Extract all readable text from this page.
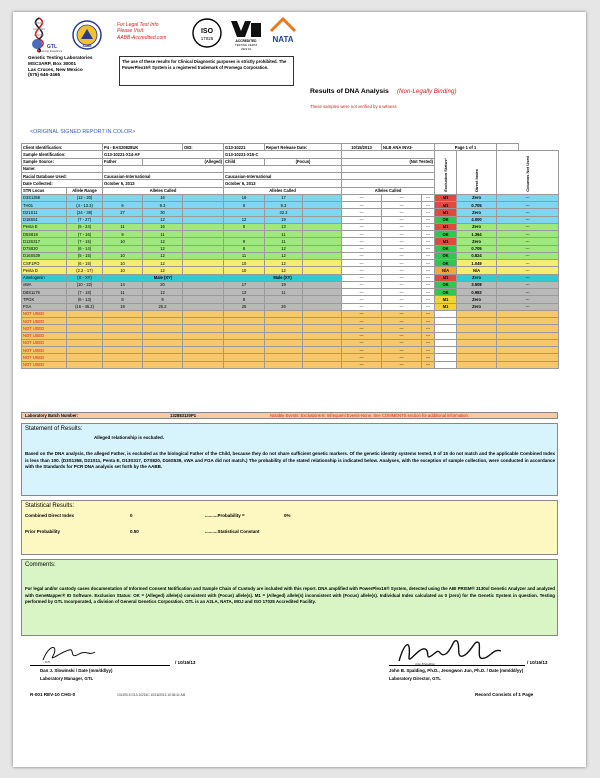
GTL
Advancing Excellence
AABB
For Legal Test Info
Please Visit:
AABB-Accredited.com
ISO
17025	ACCREDITED
TESTING CERT#
2324.01
NATA
Genetic Testing Laboratories
MSC3ARP, Box 30001
Las Cruces, New Mexico
(575) 646-3465
The use of these results for Clinical Diagnostic purposes is strictly prohibited. The PowerPlex16® System is a registered trademark of Promega Corporation.
Results of DNA Analysis (Non-Legally Binding)
These samples were not verified by a witness
<ORIGINAL SIGNED REPORT IN COLOR>
Client Identification:		P4 - EAS20828UK		OID:	G13-10221	Report Release Date:		10/15/2013	NLB ANA INV3-		Page 1 of 1		
Sample Identification:		G13-10221-X14-AF			G13-10221-X15-C						Exclusion Status*	Direct Index	Columns Not Used
Sample Source:		Father	(Alleged)		Child	(Focus)		(Not Tested)					
Name:													
Racial Database Used:		Caucasian-International			Caucasian-International								
Date Collected:		October 6, 2013			October 6, 2013								
STR Locus	Allele Range	Alleles Called			Alleles Called			Alleles Called					
D3S1358	(12 - 20)		16		16	17		---	---	---	M1	Zero	---
TH01	(4 - 13.3)	6	9.3		9	9.3		---	---	---	M1	0.705	---
D21S11	(24 - 38)	27	30			32.2		---	---	---	M1	Zero	---
D18S51	(7 - 27)		12		12	19		---	---	---	OK	4.000	---
Penta E	(5 - 24)	11	16		5	13		---	---	---	M1	Zero	---
D5S818	(7 - 16)	9	11			11		---	---	---	OK	1.364	---
D13S317	(7 - 15)	10	12		9	11		---	---	---	M1	Zero	---
D7S820	(6 - 14)		12		8	12		---	---	---	OK	0.705	---
D16S539	(5 - 15)	10	12		11	12		---	---	---	OK	0.824	---
CSF1PO	(6 - 15)	10	12		10	12		---	---	---	OK	1.049	---
Penta D	(2.2 - 17)	10	12		10	12		---	---	---	N/A	N/A	---
Amelogenin	(X - XY)	Male (XY)			Male (XY)			---	---	---	M1	Zero	---
vWA	(10 - 22)	14	20		17	19		---	---	---	OK	3.508	---
D8S1179	(7 - 18)	11	12		13	11		---	---	---	OK	0.983	---
TPOX	(6 - 13)	8	9		8			---	---	---	M1	Zero	---
FGA	(16 - 46.2)	19	25.2		25	26		---	---	---	M1	Zero	---
NOT USED								---	---	---			
NOT USED								---	---	---			
NOT USED								---	---	---			
NOT USED								---	---	---			
NOT USED								---	---	---			
NOT USED								---	---	---			
NOT USED								---	---	---			
NOT USED								---	---	---			
Laboratory Batch Number:	132883130P1	Notable Events: Exclusions-8; Infrequent Events-None. See COMMENTS section for additional information.
Statement of Results:
Alleged relationship is excluded.
Based on the DNA analysis, the alleged Father, is excluded as the biological Father of the Child, because they do not share sufficient genetic markers. Of the genetic identity systems tested, 8 of 15 do not match and the applicable Combined Index is less than 100. (D3S1358, D21S11, Penta E, D13S317, D7S820, D16S539, vWA and FGA did not match.) The probability of the stated relationship is indicated below. Analyses, with the exception of sample collection, were conducted in accordance with the Standards for PCR DNA analysis set forth by the AABB.
Statistical Results:
Combined Direct Index	0	..........Probability =	0%
Prior Probability	0.50	..........Statistical Constant
Comments:
For legal and/or custody cases documentation of Informed Consent Notification and Sample Chain of Custody are included with this report. DNA amplified with PowerPlex16® System, detected using the ABI PRISM® 3130xl Genetic Analyzer and analyzed with GeneMapper® ID Software. Exclusion Status: OK = (Alleged) allele(s) consistent with (Focus) allele(s). M1 = (Alleged) allele(s) inconsistent with (Focus) allele(s). Individual Index calculated as 0 (zero) for the Genetic System in question. Testing performed by GTL Incorporated, a division of General Genetics Corporation. GTL is an A2LA, NATA, MOJ and ISO 17025 Accredited Facility.
DJS	/ 10/15/13
Dan J. Slowinski / Date (mm/dd/yy)
Laboratory Manager, GTL
John B Spalding	/ 10/15/13
John B. Spalding, Ph.D., Jeongwon Jun, Ph.D. / Date (mm/dd/yy)
Laboratory Director, GTL
R-001 REV-10 CHG-0	131390-5 G13-10215C 10/16/2013 10:35:41 AM	Record Consists of 1 Page
